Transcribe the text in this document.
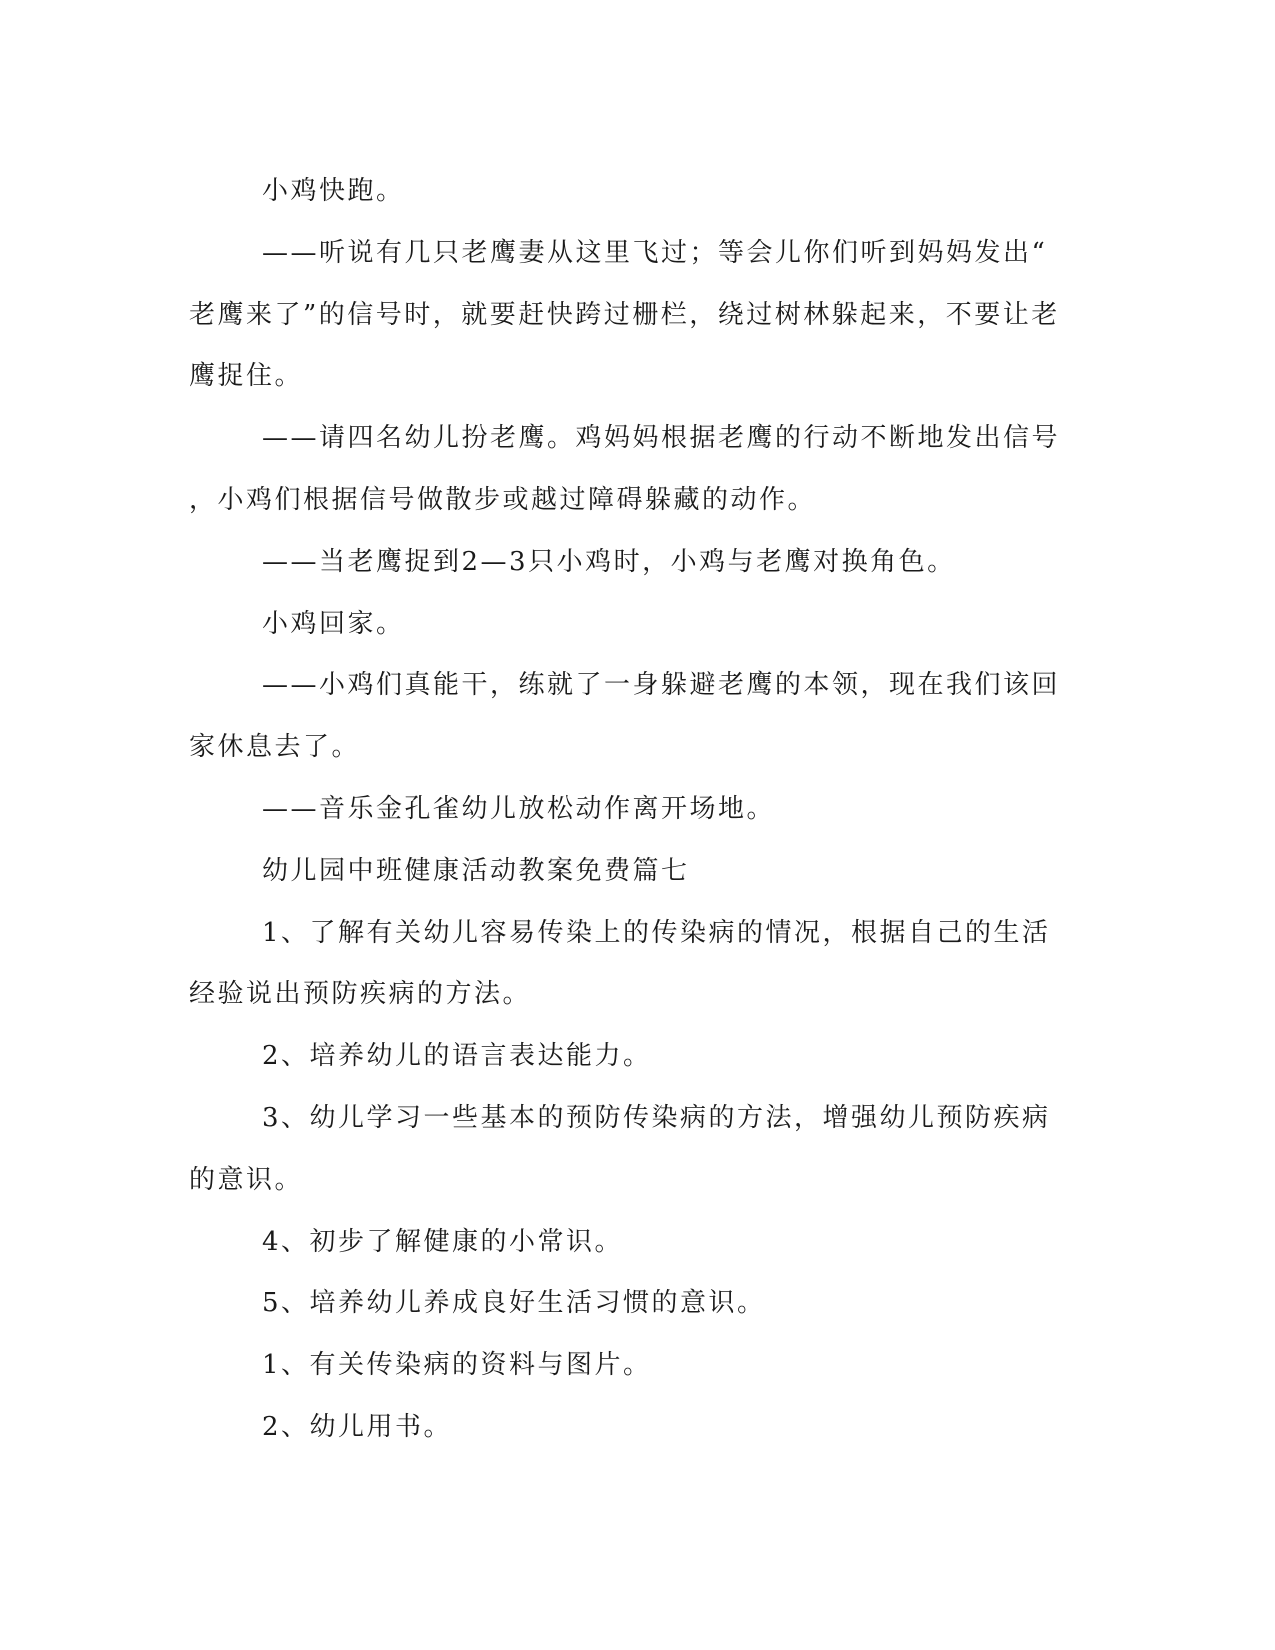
小鸡快跑。

——听说有几只老鹰妻从这里飞过；等会儿你们听到妈妈发出“

老鹰来了”的信号时，就要赶快跨过栅栏，绕过树林躲起来，不要让老

鹰捉住。

——请四名幼儿扮老鹰。鸡妈妈根据老鹰的行动不断地发出信号

，小鸡们根据信号做散步或越过障碍躲藏的动作。

——当老鹰捉到2—3只小鸡时，小鸡与老鹰对换角色。

小鸡回家。

——小鸡们真能干，练就了一身躲避老鹰的本领，现在我们该回

家休息去了。

——音乐金孔雀幼儿放松动作离开场地。

幼儿园中班健康活动教案免费篇七

1、了解有关幼儿容易传染上的传染病的情况，根据自己的生活

经验说出预防疾病的方法。

2、培养幼儿的语言表达能力。

3、幼儿学习一些基本的预防传染病的方法，增强幼儿预防疾病

的意识。

4、初步了解健康的小常识。

5、培养幼儿养成良好生活习惯的意识。

1、有关传染病的资料与图片。

2、幼儿用书。
